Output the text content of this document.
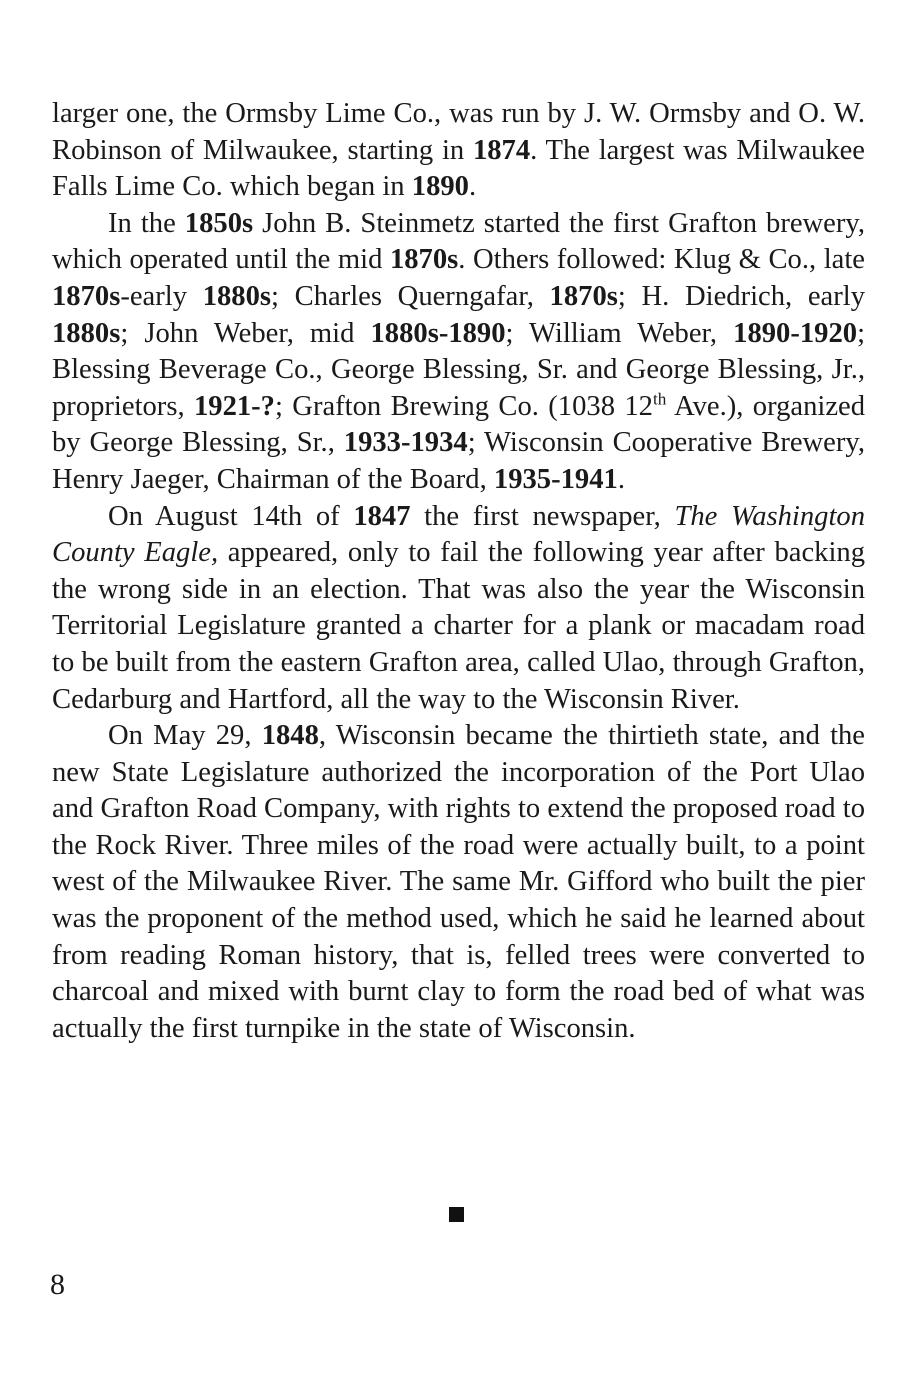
larger one, the Ormsby Lime Co., was run by J. W. Ormsby and O. W. Robinson of Milwaukee, starting in 1874. The largest was Milwaukee Falls Lime Co. which began in 1890.

In the 1850s John B. Steinmetz started the first Grafton brewery, which operated until the mid 1870s. Others followed: Klug & Co., late 1870s-early 1880s; Charles Querngafar, 1870s; H. Diedrich, early 1880s; John Weber, mid 1880s-1890; William Weber, 1890-1920; Blessing Beverage Co., George Blessing, Sr. and George Blessing, Jr., proprietors, 1921-?; Grafton Brewing Co. (1038 12th Ave.), organized by George Blessing, Sr., 1933-1934; Wisconsin Cooperative Brewery, Henry Jaeger, Chairman of the Board, 1935-1941.

On August 14th of 1847 the first newspaper, The Washington County Eagle, appeared, only to fail the following year after backing the wrong side in an election. That was also the year the Wisconsin Territorial Legislature granted a charter for a plank or macadam road to be built from the eastern Grafton area, called Ulao, through Grafton, Cedarburg and Hartford, all the way to the Wisconsin River.

On May 29, 1848, Wisconsin became the thirtieth state, and the new State Legislature authorized the incorporation of the Port Ulao and Grafton Road Company, with rights to extend the proposed road to the Rock River. Three miles of the road were actually built, to a point west of the Milwaukee River. The same Mr. Gifford who built the pier was the proponent of the method used, which he said he learned about from reading Roman history, that is, felled trees were converted to charcoal and mixed with burnt clay to form the road bed of what was actually the first turnpike in the state of Wisconsin.

8
